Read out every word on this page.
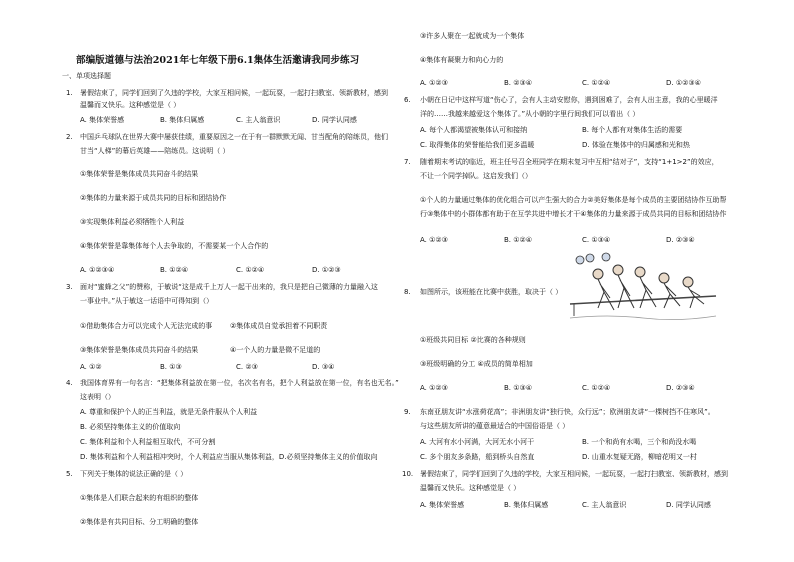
部编版道德与法治2021年七年级下册6.1集体生活邀请我同步练习
一、单项选择题
1. 暑假结束了，同学们回到了久违的学校，大家互相问候，一起玩耍，一起打扫教室、领新教材，感到
温馨而又快乐。这种感觉是（ ）
A. 集体荣誉感	B. 集体归属感	C. 主人翁意识	D. 同学认同感
2. 中国乒乓球队在世界大赛中屡获佳绩，重要原因之一在于有一群默默无闻、甘当配角的陪练员，他们
甘当“人梯”的幕后英雄——陪练员。这说明（ ）
①集体荣誉是集体成员共同奋斗的结果
②集体的力量来源于成员共同的目标和团结协作
③实现集体利益必须牺牲个人利益
④集体荣誉是靠集体每个人去争取的，不需要某一个人合作的
A. ①②③④	B. ①②④	C. ①②④	D. ①②③
3. 面对“蜜蜂之父”的赞称，于敏说“这是成千上万人一起干出来的，我只是把自己微薄的力量融入这
一事业中。”从于敏这一话语中可得知到（）
①借助集体合力可以完成个人无法完成的事	②集体成员自觉承担着不同职责
③集体荣誉是集体成员共同奋斗的结果	④一个人的力量是微不足道的
A. ①②	B. ①③	C. ②③	D. ③④
4. 我国体育界有一句名言：“把集体利益放在第一位，名次名有名，把个人利益放在第一位，有名也无名。”
这表明（）
A. 尊重和保护个人的正当利益，就是无条件服从个人利益
B. 必须坚持集体主义的价值取向
C. 集体利益和个人利益相互取代，不可分割
D. 集体利益和个人利益相冲突时，个人利益应当服从集体利益，D.必须坚持集体主义的价值取向
5. 下列关于集体的说法正确的是（ ）
①集体是人们联合起来的有组织的整体
②集体是有共同目标、分工明确的整体
③许多人聚在一起就成为一个集体
④集体有凝聚力和向心力的
A. ①②③	B. ②③④	C. ①②④	D. ①②③④
6. 小朝在日记中这样写道“伤心了，会有人主动安慰你，遇到困难了，会有人出主意，我的心里暖洋
洋的……我越来越爱这个集体了。”从小朝的字里行间我们可以看出（ ）
A. 每个人都渴望被集体认可和接纳	B. 每个人都有对集体生活的需要
C. 取得集体的荣誉能给我们更多温暖	D. 体验在集体中的归属感和光和热
7. 随着期末考试的临近，班主任号召全班同学在期末复习中互相“结对子”，支持“1+1>2”的效应，
不让一个同学掉队。这启发我们（）
①个人的力量通过集体的优化组合可以产生强大的合力②美好集体是每个成员的主要团结协作互助帮
行③集体中的小群体都有助于在互学共进中增长才干④集体的力量来源于成员共同的目标和团结协作
A. ①②③	B. ①②④	C. ①③④	D. ②③④
8. 如图所示，该班能在比赛中获胜，取决于（ ）
①班级共同目标 ②比赛的各种规则
③班级明确的分工 ④成员的简单相加
A. ①②③	B. ①③④	C. ①②④	D. ②③④
9. 东南亚朋友讲“水涨荷花高”；非洲朋友讲“独行快，众行远”；欧洲朋友讲“一棵树挡不住寒风”。
与这些朋友所讲的蕴意最适合的中国俗语是（ ）
A. 大河有水小河满，大河无水小河干	B. 一个和尚有水喝，三个和尚没水喝
C. 多个朋友多条路，船到桥头自然直	D. 山重水复疑无路，柳暗花明又一村
10. 暑假结束了，同学们回到了久违的学校，大家互相问候，一起玩耍，一起打扫教室、领新教材，感到
温馨而又快乐。这种感觉是（ ）
A. 集体荣誉感	B. 集体归属感	C. 主人翁意识	D. 同学认同感
